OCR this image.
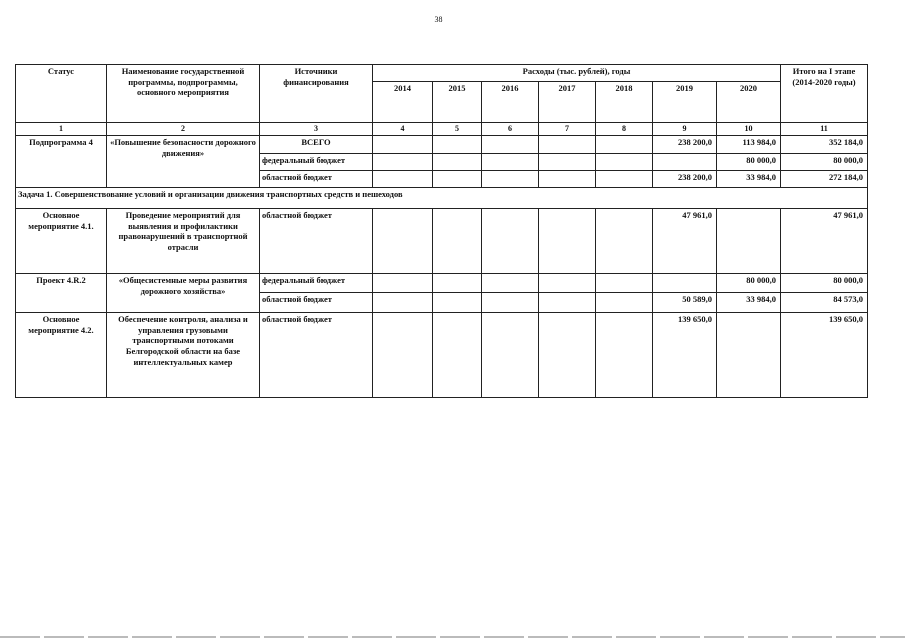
38
Статус	Наименование государственной программы, подпрограммы, основного мероприятия	Источники финансирования	Расходы (тыс. рублей), годы							Итого на I этапе (2014-2020 годы)
			2014	2015	2016	2017	2018	2019	2020	
1	2	3	4	5	6	7	8	9	10	11
Подпрограмма 4	«Повышение безопасности дорожного движения»	ВСЕГО						238 200,0	113 984,0	352 184,0
		федеральный бюджет							80 000,0	80 000,0
		областной бюджет						238 200,0	33 984,0	272 184,0
Задача 1. Совершенствование условий и организации движения транспортных средств и пешеходов										
Основное мероприятие 4.1.	Проведение мероприятий для выявления и профилактики правонарушений в транспортной отрасли	областной бюджет						47 961,0		47 961,0
Проект 4.R.2	«Общесистемные меры развития дорожного хозяйства»	федеральный бюджет							80 000,0	80 000,0
		областной бюджет						50 589,0	33 984,0	84 573,0
Основное мероприятие 4.2.	Обеспечение контроля, анализа и управления грузовыми транспортными потоками Белгородской области на базе интеллектуальных камер	областной бюджет						139 650,0		139 650,0
